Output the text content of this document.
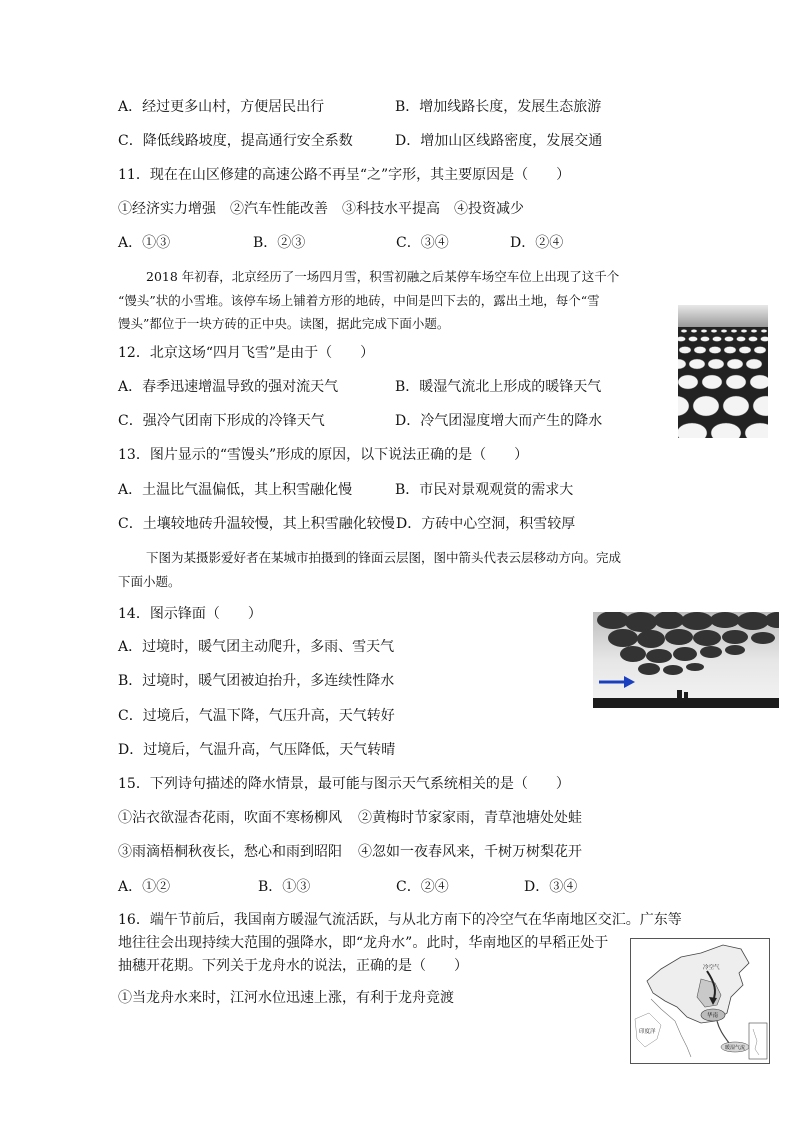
A．经过更多山村，方便居民出行	B．增加线路长度，发展生态旅游
C．降低线路坡度，提高通行安全系数	D．增加山区线路密度，发展交通
11．现在在山区修建的高速公路不再呈“之”字形，其主要原因是（　　）
①经济实力增强　②汽车性能改善　③科技水平提高　④投资减少
A．①③	B．②③	C．③④	D．②④
2018 年初春，北京经历了一场四月雪，积雪初融之后某停车场空车位上出现了这千个
“馒头”状的小雪堆。该停车场上铺着方形的地砖，中间是凹下去的，露出土地，每个“雪
馒头”都位于一块方砖的正中央。读图，据此完成下面小题。
12．北京这场“四月飞雪”是由于（　　）
A．春季迅速增温导致的强对流天气	B．暖湿气流北上形成的暖锋天气
C．强冷气团南下形成的冷锋天气	D．冷气团湿度增大而产生的降水
13．图片显示的“雪馒头”形成的原因，以下说法正确的是（　　）
A．土温比气温偏低，其上积雪融化慢	B．市民对景观观赏的需求大
C．土壤较地砖升温较慢，其上积雪融化较慢 D．方砖中心空洞，积雪较厚
下图为某摄影爱好者在某城市拍摄到的锋面云层图，图中箭头代表云层移动方向。完成
下面小题。
14．图示锋面（　　）
A．过境时，暖气团主动爬升，多雨、雪天气
B．过境时，暖气团被迫抬升，多连续性降水
C．过境后，气温下降，气压升高，天气转好
D．过境后，气温升高，气压降低，天气转晴
15．下列诗句描述的降水情景，最可能与图示天气系统相关的是（　　）
①沾衣欲湿杏花雨，吹面不寒杨柳风 ②黄梅时节家家雨，青草池塘处处蛙
③雨滴梧桐秋夜长，愁心和雨到昭阳 ④忽如一夜春风来，千树万树梨花开
A．①②	B．①③	C．②④	D．③④
16．端午节前后，我国南方暖湿气流活跃，与从北方南下的冷空气在华南地区交汇。广东等
地往往会出现持续大范围的强降水，即“龙舟水”。此时，华南地区的早稻正处于
抽穗开花期。下列关于龙舟水的说法，正确的是（　　）
①当龙舟水来时，江河水位迅速上涨，有利于龙舟竞渡
冷空气
华南
印度洋
暖湿气流
